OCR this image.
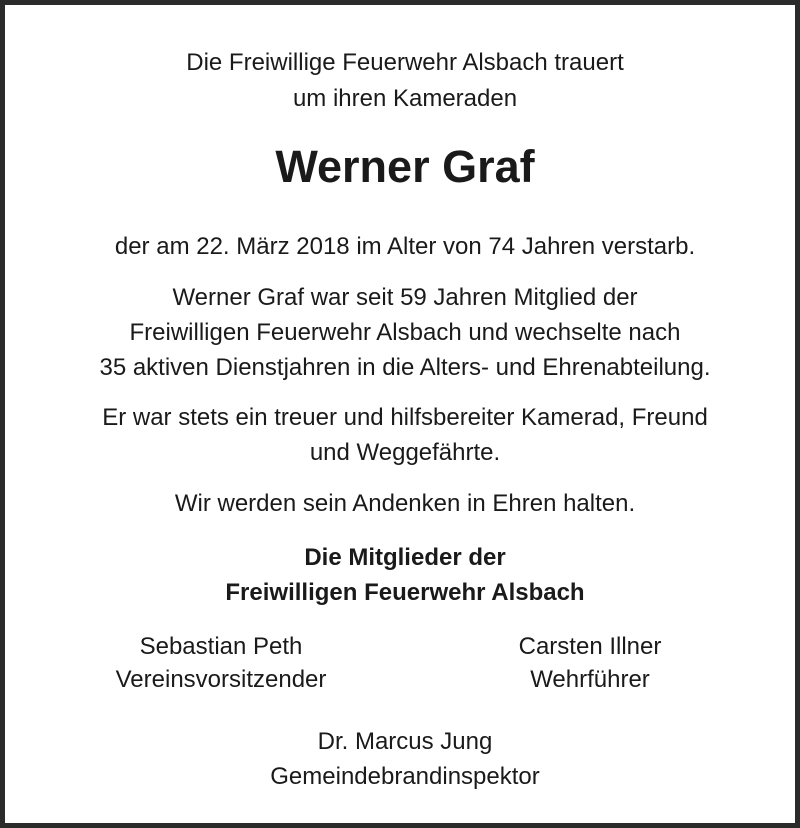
Die Freiwillige Feuerwehr Alsbach trauert
um ihren Kameraden
Werner Graf
der am 22. März 2018 im Alter von 74 Jahren verstarb.
Werner Graf war seit 59 Jahren Mitglied der
Freiwilligen Feuerwehr Alsbach und wechselte nach
35 aktiven Dienstjahren in die Alters- und Ehrenabteilung.
Er war stets ein treuer und hilfsbereiter Kamerad, Freund
und Weggefährte.
Wir werden sein Andenken in Ehren halten.
Die Mitglieder der
Freiwilligen Feuerwehr Alsbach
Sebastian Peth
Vereinsvorsitzender
Carsten Illner
Wehrführer
Dr. Marcus Jung
Gemeindebrandinspektor
